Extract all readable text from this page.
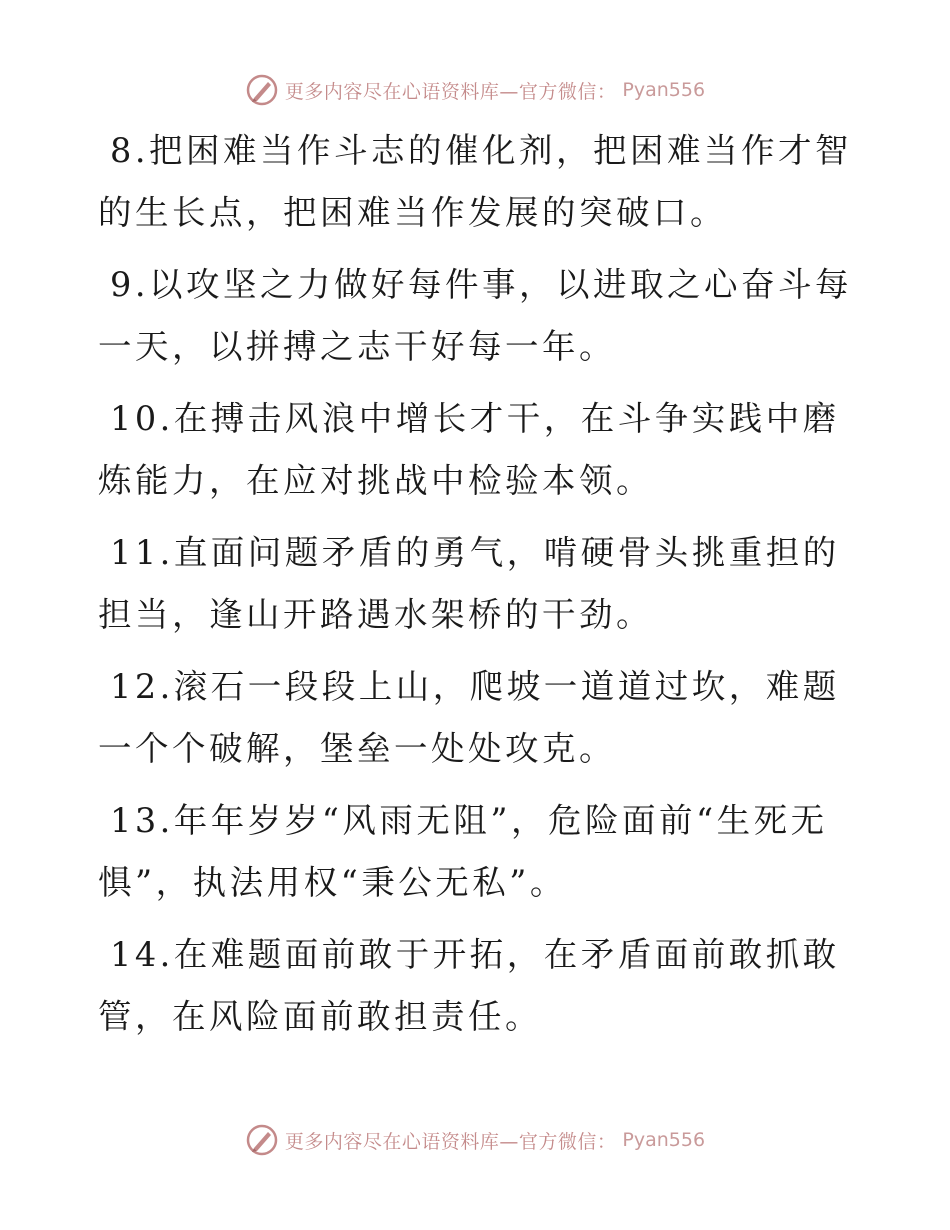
更多内容尽在心语资料库—官方微信： Pyan556

8.把困难当作斗志的催化剂，把困难当作才智的生长点，把困难当作发展的突破口。

9.以攻坚之力做好每件事，以进取之心奋斗每一天，以拼搏之志干好每一年。

10.在搏击风浪中增长才干，在斗争实践中磨炼能力，在应对挑战中检验本领。

11.直面问题矛盾的勇气，啃硬骨头挑重担的担当，逢山开路遇水架桥的干劲。

12.滚石一段段上山，爬坡一道道过坎，难题一个个破解，堡垒一处处攻克。

13.年年岁岁“风雨无阻”，危险面前“生死无惧”，执法用权“秉公无私”。

14.在难题面前敢于开拓，在矛盾面前敢抓敢管，在风险面前敢担责任。

更多内容尽在心语资料库—官方微信： Pyan556
